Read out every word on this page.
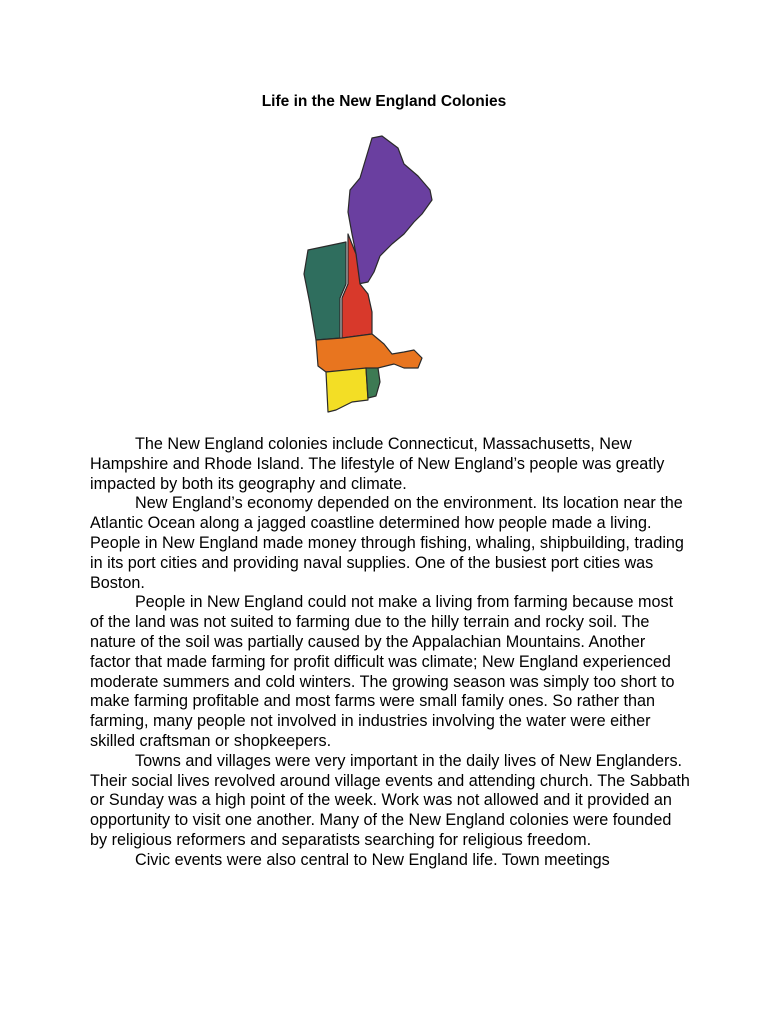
Life in the New England Colonies

The New England colonies include Connecticut, Massachusetts, New Hampshire and Rhode Island. The lifestyle of New England’s people was greatly impacted by both its geography and climate.

New England’s economy depended on the environment. Its location near the Atlantic Ocean along a jagged coastline determined how people made a living. People in New England made money through fishing, whaling, shipbuilding, trading in its port cities and providing naval supplies. One of the busiest port cities was Boston.

People in New England could not make a living from farming because most of the land was not suited to farming due to the hilly terrain and rocky soil. The nature of the soil was partially caused by the Appalachian Mountains. Another factor that made farming for profit difficult was climate; New England experienced moderate summers and cold winters. The growing season was simply too short to make farming profitable and most farms were small family ones. So rather than farming, many people not involved in industries involving the water were either skilled craftsman or shopkeepers.

Towns and villages were very important in the daily lives of New Englanders. Their social lives revolved around village events and attending church. The Sabbath or Sunday was a high point of the week. Work was not allowed and it provided an opportunity to visit one another. Many of the New England colonies were founded by religious reformers and separatists searching for religious freedom.

Civic events were also central to New England life. Town meetings
